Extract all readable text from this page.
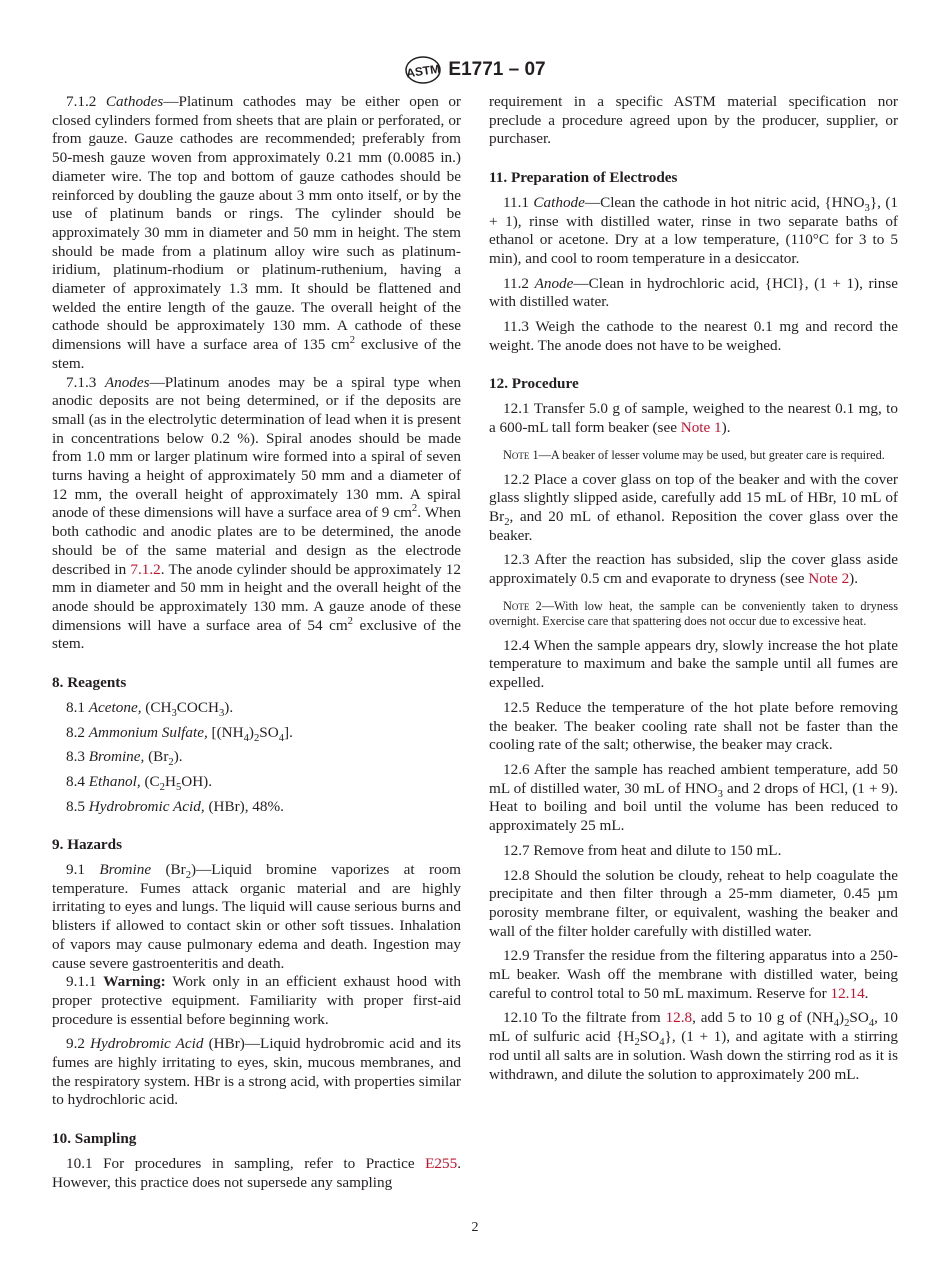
ASTM E1771 – 07
7.1.2 Cathodes—Platinum cathodes may be either open or closed cylinders formed from sheets that are plain or perforated, or from gauze. Gauze cathodes are recommended; preferably from 50-mesh gauze woven from approximately 0.21 mm (0.0085 in.) diameter wire. The top and bottom of gauze cathodes should be reinforced by doubling the gauze about 3 mm onto itself, or by the use of platinum bands or rings. The cylinder should be approximately 30 mm in diameter and 50 mm in height. The stem should be made from a platinum alloy wire such as platinum-iridium, platinum-rhodium or platinum-ruthenium, having a diameter of approximately 1.3 mm. It should be flattened and welded the entire length of the gauze. The overall height of the cathode should be approximately 130 mm. A cathode of these dimensions will have a surface area of 135 $cm^2$ exclusive of the stem.
7.1.3 Anodes—Platinum anodes may be a spiral type when anodic deposits are not being determined, or if the deposits are small (as in the electrolytic determination of lead when it is present in concentrations below 0.2 %). Spiral anodes should be made from 1.0 mm or larger platinum wire formed into a spiral of seven turns having a height of approximately 50 mm and a diameter of 12 mm, the overall height of approximately 130 mm. A spiral anode of these dimensions will have a surface area of 9 $cm^2$. When both cathodic and anodic plates are to be determined, the anode should be of the same material and design as the electrode described in 7.1.2. The anode cylinder should be approximately 12 mm in diameter and 50 mm in height and the overall height of the anode should be approximately 130 mm. A gauze anode of these dimensions will have a surface area of 54 $cm^2$ exclusive of the stem.
8. Reagents
8.1 Acetone, $(CH_3COCH_3)$.
8.2 Ammonium Sulfate, $[(NH_4)_2SO_4]$.
8.3 Bromine, $(Br_2)$.
8.4 Ethanol, $(C_2H_5OH)$.
8.5 Hydrobromic Acid, (HBr), 48%.
9. Hazards
9.1 Bromine $(Br_2)—Liquid$ bromine vaporizes at room temperature. Fumes attack organic material and are highly irritating to eyes and lungs. The liquid will cause serious burns and blisters if allowed to contact skin or other soft tissues. Inhalation of vapors may cause pulmonary edema and death. Ingestion may cause severe gastroenteritis and death.
9.1.1 Warning: Work only in an efficient exhaust hood with proper protective equipment. Familiarity with proper first-aid procedure is essential before beginning work.
9.2 Hydrobromic Acid (HBr)—Liquid hydrobromic acid and its fumes are highly irritating to eyes, skin, mucous membranes, and the respiratory system. HBr is a strong acid, with properties similar to hydrochloric acid.
10. Sampling
10.1 For procedures in sampling, refer to Practice E255. However, this practice does not supersede any sampling
requirement in a specific ASTM material specification nor preclude a procedure agreed upon by the producer, supplier, or purchaser.
11. Preparation of Electrodes
11.1 Cathode—Clean the cathode in hot nitric acid, $\{HNO_3\}$, (1 + 1), rinse with distilled water, rinse in two separate baths of ethanol or acetone. Dry at a low temperature, (110°C for 3 to 5 min), and cool to room temperature in a desiccator.
11.2 Anode—Clean in hydrochloric acid, {HCl}, (1 + 1), rinse with distilled water.
11.3 Weigh the cathode to the nearest 0.1 mg and record the weight. The anode does not have to be weighed.
12. Procedure
12.1 Transfer 5.0 g of sample, weighed to the nearest 0.1 mg, to a 600-mL tall form beaker (see Note 1).
Note 1—A beaker of lesser volume may be used, but greater care is required.
12.2 Place a cover glass on top of the beaker and with the cover glass slightly slipped aside, carefully add 15 mL of HBr, 10 mL of $Br_2$, and 20 mL of ethanol. Reposition the cover glass over the beaker.
12.3 After the reaction has subsided, slip the cover glass aside approximately 0.5 cm and evaporate to dryness (see Note 2).
Note 2—With low heat, the sample can be conveniently taken to dryness overnight. Exercise care that spattering does not occur due to excessive heat.
12.4 When the sample appears dry, slowly increase the hot plate temperature to maximum and bake the sample until all fumes are expelled.
12.5 Reduce the temperature of the hot plate before removing the beaker. The beaker cooling rate shall not be faster than the cooling rate of the salt; otherwise, the beaker may crack.
12.6 After the sample has reached ambient temperature, add 50 mL of distilled water, 30 mL of $HNO_3$ and 2 drops of HCl, (1 + 9). Heat to boiling and boil until the volume has been reduced to approximately 25 mL.
12.7 Remove from heat and dilute to 150 mL.
12.8 Should the solution be cloudy, reheat to help coagulate the precipitate and then filter through a 25-mm diameter, 0.45 µm porosity membrane filter, or equivalent, washing the beaker and wall of the filter holder carefully with distilled water.
12.9 Transfer the residue from the filtering apparatus into a 250-mL beaker. Wash off the membrane with distilled water, being careful to control total to 50 mL maximum. Reserve for 12.14.
12.10 To the filtrate from 12.8, add 5 to 10 g of $(NH_4)_2SO_4$, 10 mL of sulfuric acid $\{H_2SO_4\}$, (1 + 1), and agitate with a stirring rod until all salts are in solution. Wash down the stirring rod as it is withdrawn, and dilute the solution to approximately 200 mL.
2
